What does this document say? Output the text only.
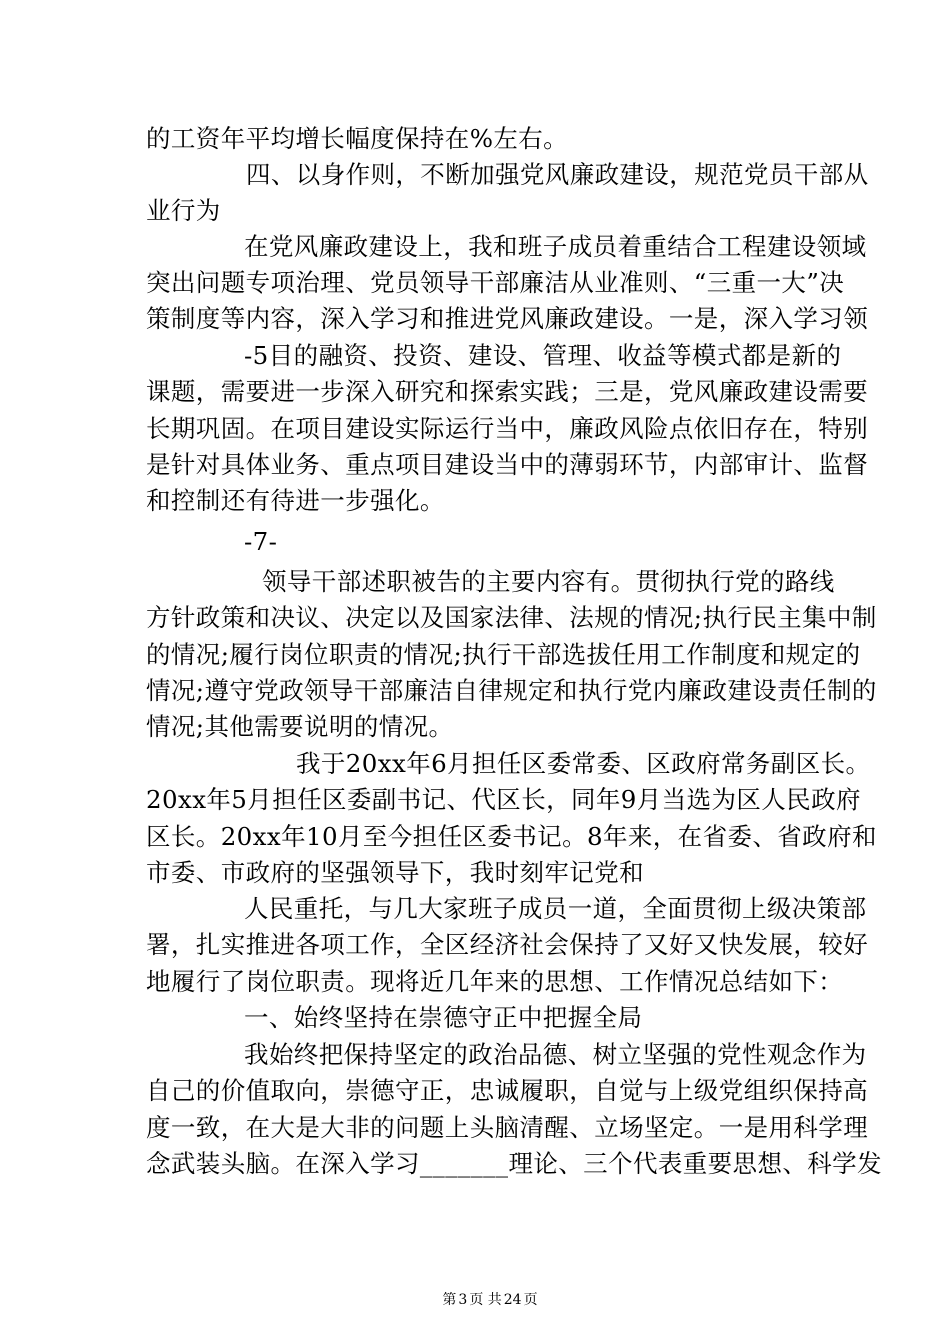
的工资年平均增长幅度保持在%左右。
四、以身作则，不断加强党风廉政建设，规范党员干部从
业行为
在党风廉政建设上，我和班子成员着重结合工程建设领域
突出问题专项治理、党员领导干部廉洁从业准则、“三重一大”决
策制度等内容，深入学习和推进党风廉政建设。一是，深入学习领
-5目的融资、投资、建设、管理、收益等模式都是新的
课题，需要进一步深入研究和探索实践；三是，党风廉政建设需要
长期巩固。在项目建设实际运行当中，廉政风险点依旧存在，特别
是针对具体业务、重点项目建设当中的薄弱环节，内部审计、监督
和控制还有待进一步强化。
-7-
领导干部述职被告的主要内容有。贯彻执行党的路线
方针政策和决议、决定以及国家法律、法规的情况;执行民主集中制
的情况;履行岗位职责的情况;执行干部选拔任用工作制度和规定的
情况;遵守党政领导干部廉洁自律规定和执行党内廉政建设责任制的
情况;其他需要说明的情况。
我于20xx年6月担任区委常委、区政府常务副区长。
20xx年5月担任区委副书记、代区长，同年9月当选为区人民政府
区长。20xx年10月至今担任区委书记。8年来，在省委、省政府和
市委、市政府的坚强领导下，我时刻牢记党和
人民重托，与几大家班子成员一道，全面贯彻上级决策部
署，扎实推进各项工作，全区经济社会保持了又好又快发展，较好
地履行了岗位职责。现将近几年来的思想、工作情况总结如下：
一、始终坚持在崇德守正中把握全局
我始终把保持坚定的政治品德、树立坚强的党性观念作为
自己的价值取向，崇德守正，忠诚履职，自觉与上级党组织保持高
度一致，在大是大非的问题上头脑清醒、立场坚定。一是用科学理
念武装头脑。在深入学习_______理论、三个代表重要思想、科学发
第 3 页 共 24 页
